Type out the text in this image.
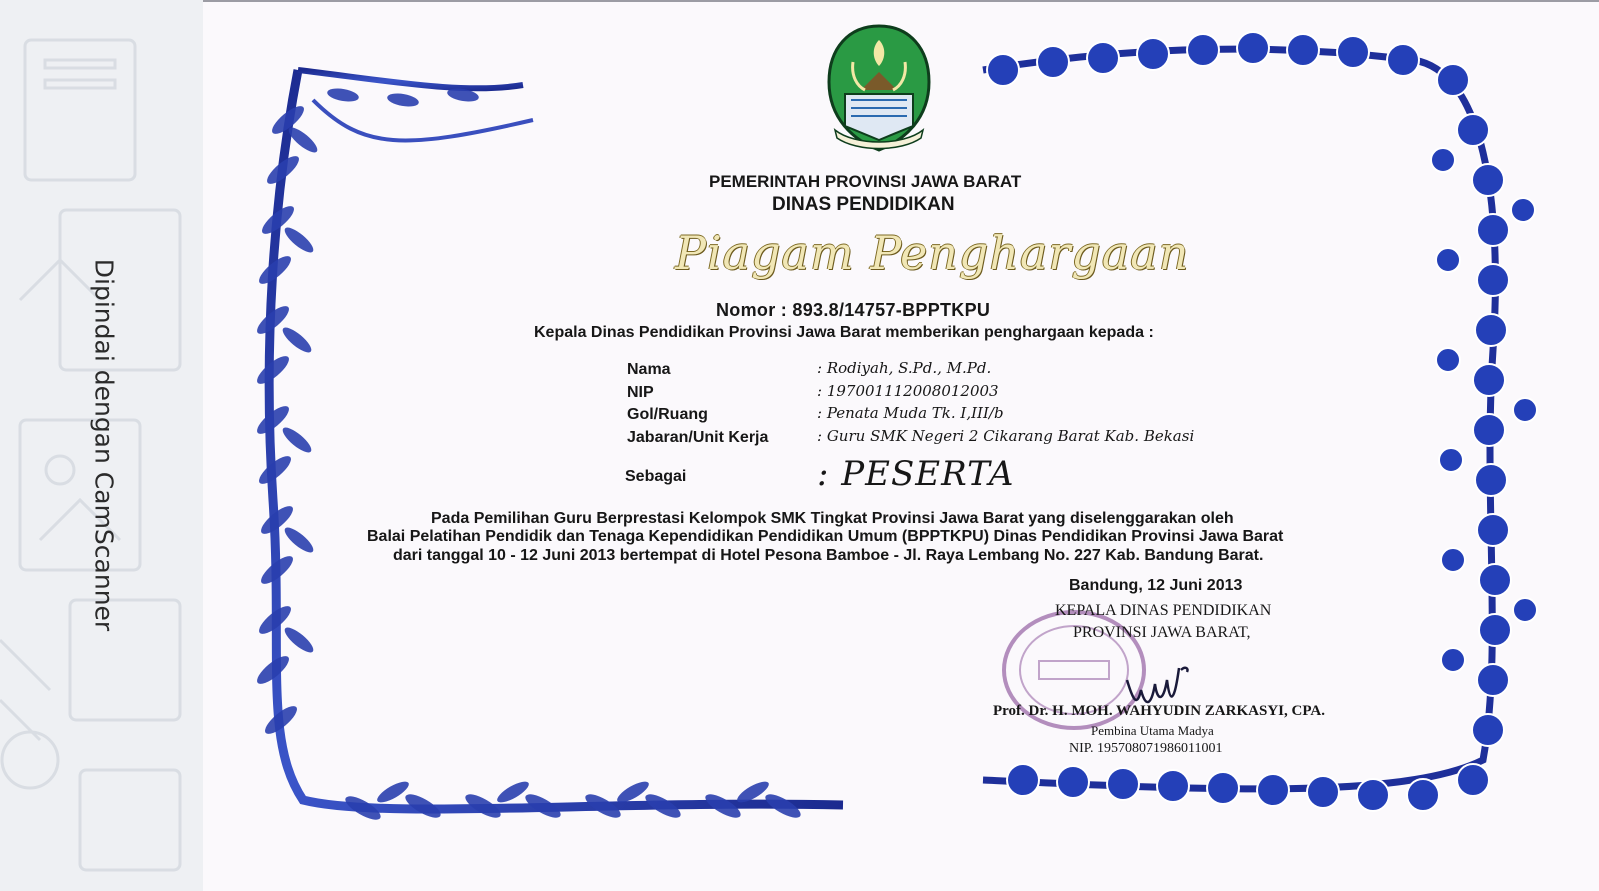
Dipindai dengan CamScanner
PEMERINTAH PROVINSI JAWA BARAT
DINAS PENDIDIKAN
Piagam Penghargaan
Nomor : 893.8/14757-BPPTKPU
Kepala Dinas Pendidikan Provinsi Jawa Barat memberikan penghargaan kepada :
Nama	: Rodiyah, S.Pd., M.Pd.
NIP	: 197001112008012003
Gol/Ruang	: Penata Muda Tk. I,III/b
Jabaran/Unit Kerja	: Guru SMK Negeri 2 Cikarang Barat Kab. Bekasi
Sebagai	: PESERTA
Pada Pemilihan Guru Berprestasi Kelompok SMK Tingkat Provinsi Jawa Barat yang diselenggarakan oleh
Balai Pelatihan Pendidik dan Tenaga Kependidikan Pendidikan Umum (BPPTKPU) Dinas Pendidikan Provinsi Jawa Barat
dari tanggal 10 - 12 Juni 2013 bertempat di Hotel Pesona Bamboe - Jl. Raya Lembang No. 227 Kab. Bandung Barat.
Bandung, 12 Juni 2013
KEPALA DINAS PENDIDIKAN
PROVINSI JAWA BARAT,
Prof. Dr. H. MOH. WAHYUDIN ZARKASYI, CPA.
Pembina Utama Madya
NIP. 195708071986011001
